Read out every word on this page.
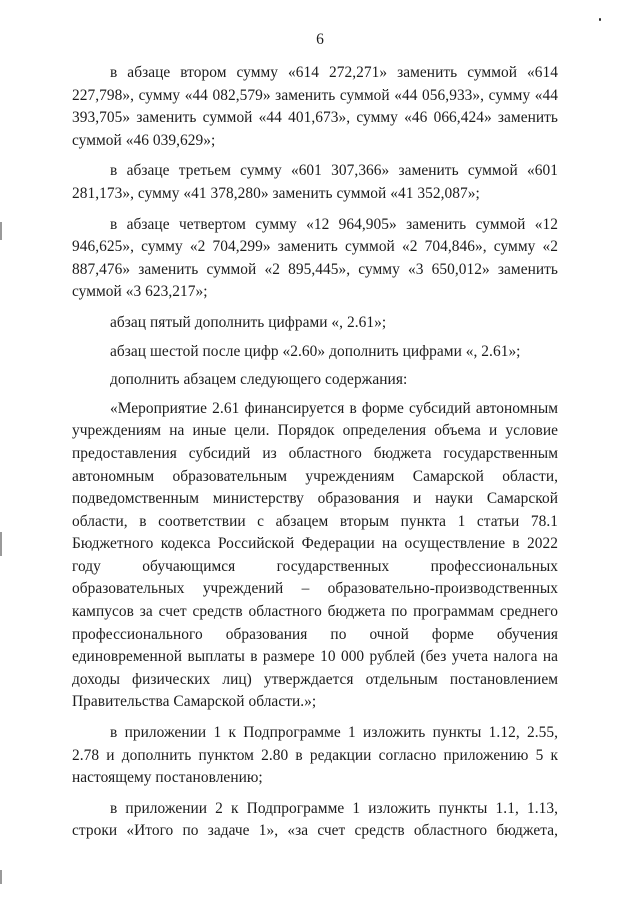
6

в абзаце втором сумму «614 272,271» заменить суммой «614 227,798», сумму «44 082,579» заменить суммой «44 056,933», сумму «44 393,705» заменить суммой «44 401,673», сумму «46 066,424» заменить суммой «46 039,629»;

в абзаце третьем сумму «601 307,366» заменить суммой «601 281,173», сумму «41 378,280» заменить суммой «41 352,087»;

в абзаце четвертом сумму «12 964,905» заменить суммой «12 946,625», сумму «2 704,299» заменить суммой «2 704,846», сумму «2 887,476» заменить суммой «2 895,445», сумму «3 650,012» заменить суммой «3 623,217»;

абзац пятый дополнить цифрами «, 2.61»;

абзац шестой после цифр «2.60» дополнить цифрами «, 2.61»;

дополнить абзацем следующего содержания:

«Мероприятие 2.61 финансируется в форме субсидий автономным учреждениям на иные цели. Порядок определения объема и условие предоставления субсидий из областного бюджета государственным автономным образовательным учреждениям Самарской области, подведомственным министерству образования и науки Самарской области, в соответствии с абзацем вторым пункта 1 статьи 78.1 Бюджетного кодекса Российской Федерации на осуществление в 2022 году обучающимся государственных профессиональных образовательных учреждений – образовательно-производственных кампусов за счет средств областного бюджета по программам среднего профессионального образования по очной форме обучения единовременной выплаты в размере 10 000 рублей (без учета налога на доходы физических лиц) утверждается отдельным постановлением Правительства Самарской области.»;

в приложении 1 к Подпрограмме 1 изложить пункты 1.12, 2.55, 2.78 и дополнить пунктом 2.80 в редакции согласно приложению 5 к настоящему постановлению;

в приложении 2 к Подпрограмме 1 изложить пункты 1.1, 1.13, строки «Итого по задаче 1», «за счет средств областного бюджета,
